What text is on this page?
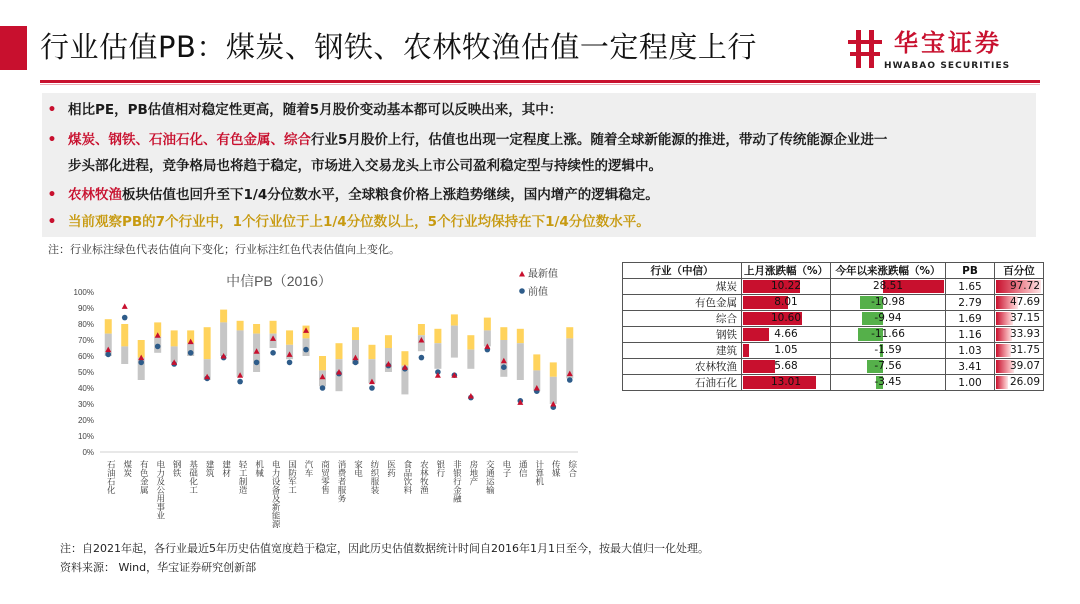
行业估值PB：煤炭、钢铁、农林牧渔估值一定程度上行	华宝证券
HWABAO SECURITIES
• 相比PE，PB估值相对稳定性更高，随着5月股价变动基本都可以反映出来，其中：
• 煤炭、钢铁、石油石化、有色金属、综合行业5月股价上行，估值也出现一定程度上涨。随着全球新能源的推进，带动了传统能源企业进一
步头部化进程，竞争格局也将趋于稳定，市场进入交易龙头上市公司盈利稳定型与持续性的逻辑中。
• 农林牧渔板块估值也回升至下1/4分位数水平，全球粮食价格上涨趋势继续，国内增产的逻辑稳定。
• 当前观察PB的7个行业中，1个行业位于上1/4分位数以上，5个行业均保持在下1/4分位数水平。
注：行业标注绿色代表估值向下变化；行业标注红色代表估值向上变化。
中信PB（2016）
0%
10%
20%
30%
40%
50%
60%
70%
80%
90%
100%
石油石化 煤炭 有色金属 电力及公用事业 钢铁 基础化工 建筑 建材 轻工制造 机械 电力设备及新能源 国防军工 汽车 商贸零售 消费者服务 家电 纺织服装 医药 食品饮料 农林牧渔 银行 非银行金融 房地产 交通运输 电子 通信 计算机 传媒 综合
最新值
前值
行业（中信）	上月涨跌幅（%）	今年以来涨跌幅（%）	PB	百分位
煤炭	10.22	28.51	1.65	97.72

有色金属	8.01	-10.98	2.79	47.69

综合	10.60	-9.94	1.69	37.15

钢铁	4.66	-11.66	1.16	33.93

建筑	1.05	-1.59	1.03	31.75

农林牧渔	5.68	-7.56	3.41	39.07

石油石化	13.01	-3.45	1.00	26.09
注：自2021年起，各行业最近5年历史估值宽度趋于稳定，因此历史估值数据统计时间自2016年1月1日至今，按最大值归一化处理。
资料来源： Wind，华宝证券研究创新部
